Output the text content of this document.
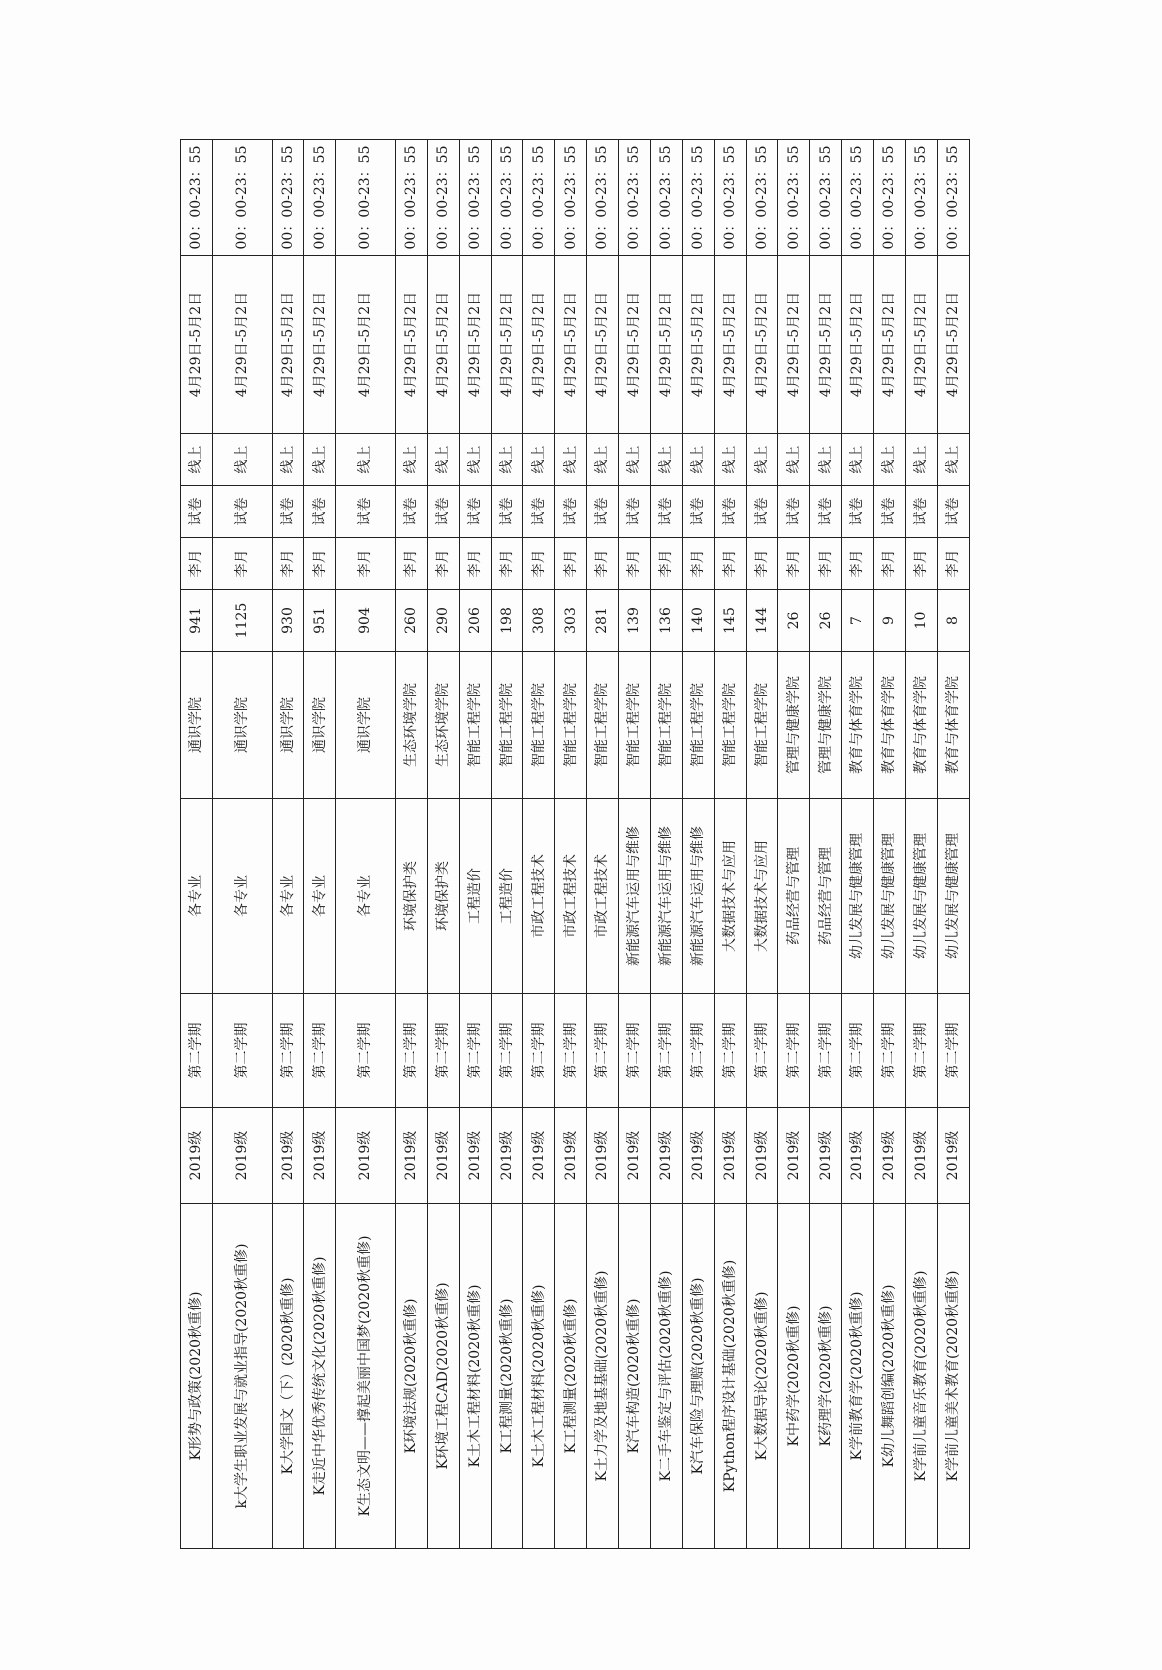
K形势与政策(2020秋重修)	2019级	第二学期	各专业	通识学院	941	李月	试卷	线上	4月29日-5月2日	00：00-23：55
k大学生职业发展与就业指导(2020秋重修)	2019级	第二学期	各专业	通识学院	1125	李月	试卷	线上	4月29日-5月2日	00：00-23：55
K大学国文（下）(2020秋重修)	2019级	第二学期	各专业	通识学院	930	李月	试卷	线上	4月29日-5月2日	00：00-23：55
K走近中华优秀传统文化(2020秋重修)	2019级	第二学期	各专业	通识学院	951	李月	试卷	线上	4月29日-5月2日	00：00-23：55
K生态文明——撑起美丽中国梦(2020秋重修)	2019级	第二学期	各专业	通识学院	904	李月	试卷	线上	4月29日-5月2日	00：00-23：55
K环境法规(2020秋重修)	2019级	第二学期	环境保护类	生态环境学院	260	李月	试卷	线上	4月29日-5月2日	00：00-23：55
K环境工程CAD(2020秋重修)	2019级	第二学期	环境保护类	生态环境学院	290	李月	试卷	线上	4月29日-5月2日	00：00-23：55
K土木工程材料(2020秋重修)	2019级	第二学期	工程造价	智能工程学院	206	李月	试卷	线上	4月29日-5月2日	00：00-23：55
K工程测量(2020秋重修)	2019级	第二学期	工程造价	智能工程学院	198	李月	试卷	线上	4月29日-5月2日	00：00-23：55
K土木工程材料(2020秋重修)	2019级	第二学期	市政工程技术	智能工程学院	308	李月	试卷	线上	4月29日-5月2日	00：00-23：55
K工程测量(2020秋重修)	2019级	第二学期	市政工程技术	智能工程学院	303	李月	试卷	线上	4月29日-5月2日	00：00-23：55
K土力学及地基基础(2020秋重修)	2019级	第二学期	市政工程技术	智能工程学院	281	李月	试卷	线上	4月29日-5月2日	00：00-23：55
K汽车构造(2020秋重修)	2019级	第二学期	新能源汽车运用与维修	智能工程学院	139	李月	试卷	线上	4月29日-5月2日	00：00-23：55
K二手车鉴定与评估(2020秋重修)	2019级	第二学期	新能源汽车运用与维修	智能工程学院	136	李月	试卷	线上	4月29日-5月2日	00：00-23：55
K汽车保险与理赔(2020秋重修)	2019级	第二学期	新能源汽车运用与维修	智能工程学院	140	李月	试卷	线上	4月29日-5月2日	00：00-23：55
KPython程序设计基础(2020秋重修)	2019级	第二学期	大数据技术与应用	智能工程学院	145	李月	试卷	线上	4月29日-5月2日	00：00-23：55
K大数据导论(2020秋重修)	2019级	第二学期	大数据技术与应用	智能工程学院	144	李月	试卷	线上	4月29日-5月2日	00：00-23：55
K中药学(2020秋重修)	2019级	第二学期	药品经营与管理	管理与健康学院	26	李月	试卷	线上	4月29日-5月2日	00：00-23：55
K药理学(2020秋重修)	2019级	第二学期	药品经营与管理	管理与健康学院	26	李月	试卷	线上	4月29日-5月2日	00：00-23：55
K学前教育学(2020秋重修)	2019级	第二学期	幼儿发展与健康管理	教育与体育学院	7	李月	试卷	线上	4月29日-5月2日	00：00-23：55
K幼儿舞蹈创编(2020秋重修)	2019级	第二学期	幼儿发展与健康管理	教育与体育学院	9	李月	试卷	线上	4月29日-5月2日	00：00-23：55
K学前儿童音乐教育(2020秋重修)	2019级	第二学期	幼儿发展与健康管理	教育与体育学院	10	李月	试卷	线上	4月29日-5月2日	00：00-23：55
K学前儿童美术教育(2020秋重修)	2019级	第二学期	幼儿发展与健康管理	教育与体育学院	8	李月	试卷	线上	4月29日-5月2日	00：00-23：55
